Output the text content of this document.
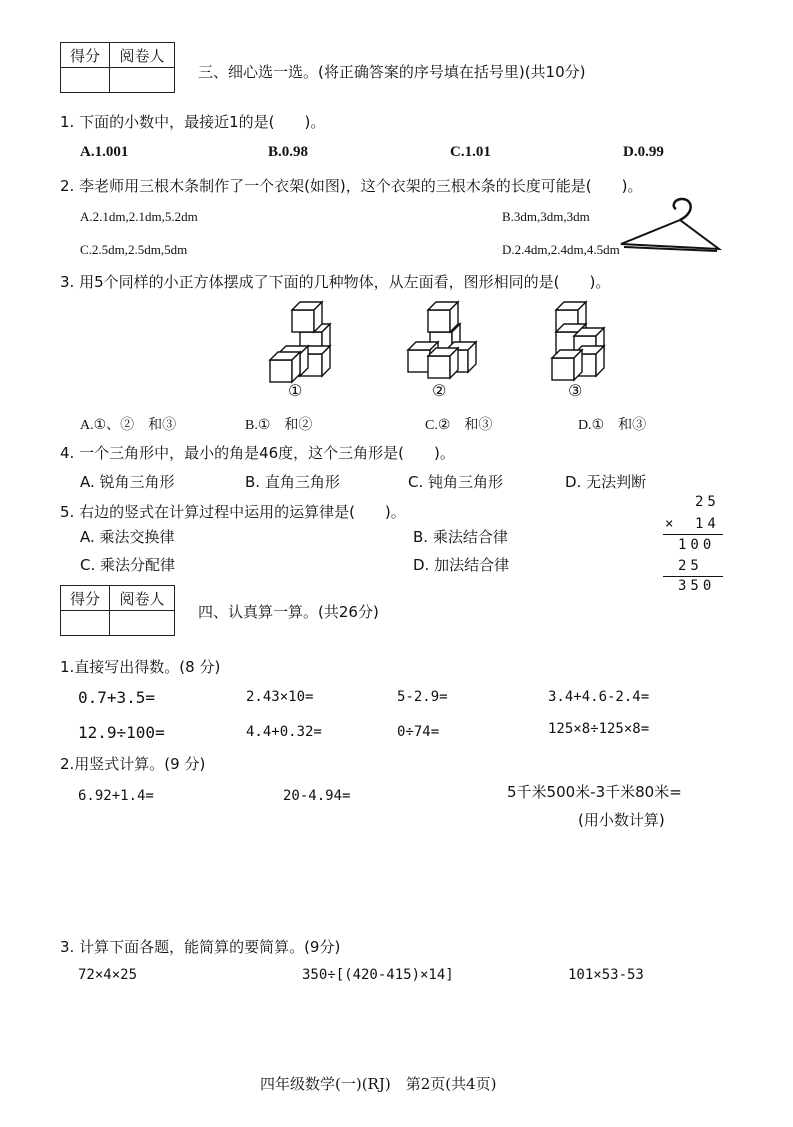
得分	阅卷人

三、细心选一选。(将正确答案的序号填在括号里)(共10分)
1. 下面的小数中，最接近1的是(　　)。
A.1.001	B.0.98	C.1.01	D.0.99
2. 李老师用三根木条制作了一个衣架(如图)，这个衣架的三根木条的长度可能是(　　)。
A.2.1dm,2.1dm,5.2dm	B.3dm,3dm,3dm
C.2.5dm,2.5dm,5dm	D.2.4dm,2.4dm,4.5dm
3. 用5个同样的小正方体摆成了下面的几种物体，从左面看，图形相同的是(　　)。
①	②	③
A.①、②　和③	B.①　和②	C.②　和③	D.①　和③
4. 一个三角形中，最小的角是46度，这个三角形是(　　)。
A. 锐角三角形	B. 直角三角形	C. 钝角三角形	D. 无法判断
5. 右边的竖式在计算过程中运用的运算律是(　　)。
A. 乘法交换律	B. 乘法结合律
C. 乘法分配律	D. 加法结合律
25
× 14
100
25
350
得分	阅卷人

四、认真算一算。(共26分)
1.直接写出得数。(8 分)
0.7+3.5=	2.43×10=	5-2.9=	3.4+4.6-2.4=
12.9÷100=	4.4+0.32=	0÷74=	125×8÷125×8=
2.用竖式计算。(9 分)
6.92+1.4=	20-4.94=	5千米500米-3千米80米=
(用小数计算)
3. 计算下面各题，能简算的要简算。(9分)
72×4×25	350÷[(420-415)×14]	101×53-53
四年级数学(一)(RJ)　第2页(共4页)
